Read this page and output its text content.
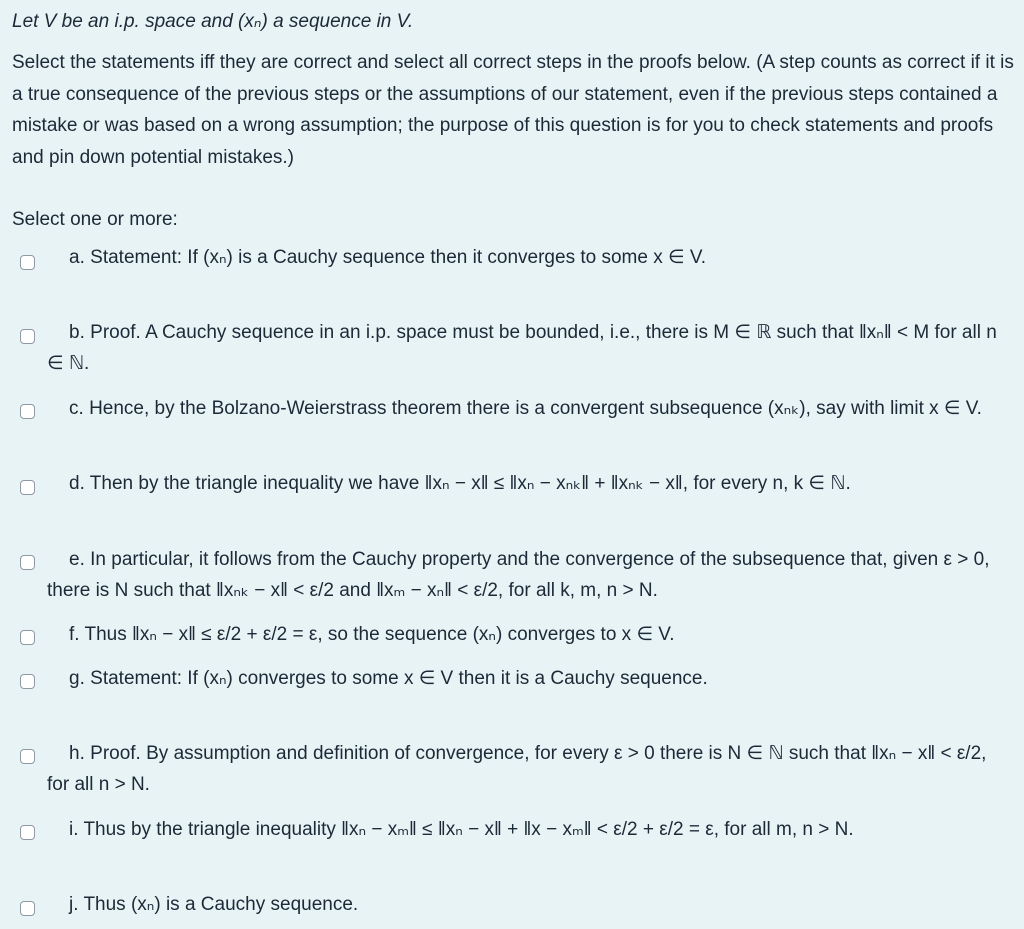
Let V be an i.p. space and (xₙ) a sequence in V.
Select the statements iff they are correct and select all correct steps in the proofs below. (A step counts as correct if it is a true consequence of the previous steps or the assumptions of our statement, even if the previous steps contained a mistake or was based on a wrong assumption; the purpose of this question is for you to check statements and proofs and pin down potential mistakes.)
Select one or more:
a. Statement: If (xₙ) is a Cauchy sequence then it converges to some x ∈ V.
b. Proof. A Cauchy sequence in an i.p. space must be bounded, i.e., there is M ∈ ℝ such that ‖xₙ‖ < M for all n ∈ ℕ.
c. Hence, by the Bolzano-Weierstrass theorem there is a convergent subsequence (xₙₖ), say with limit x ∈ V.
d. Then by the triangle inequality we have ‖xₙ − x‖ ≤ ‖xₙ − xₙₖ‖ + ‖xₙₖ − x‖, for every n, k ∈ ℕ.
e. In particular, it follows from the Cauchy property and the convergence of the subsequence that, given ε > 0, there is N such that ‖xₙₖ − x‖ < ε/2 and ‖xₘ − xₙ‖ < ε/2, for all k, m, n > N.
f. Thus ‖xₙ − x‖ ≤ ε/2 + ε/2 = ε, so the sequence (xₙ) converges to x ∈ V.
g. Statement: If (xₙ) converges to some x ∈ V then it is a Cauchy sequence.
h. Proof. By assumption and definition of convergence, for every ε > 0 there is N ∈ ℕ such that ‖xₙ − x‖ < ε/2, for all n > N.
i. Thus by the triangle inequality ‖xₙ − xₘ‖ ≤ ‖xₙ − x‖ + ‖x − xₘ‖ < ε/2 + ε/2 = ε, for all m, n > N.
j. Thus (xₙ) is a Cauchy sequence.
